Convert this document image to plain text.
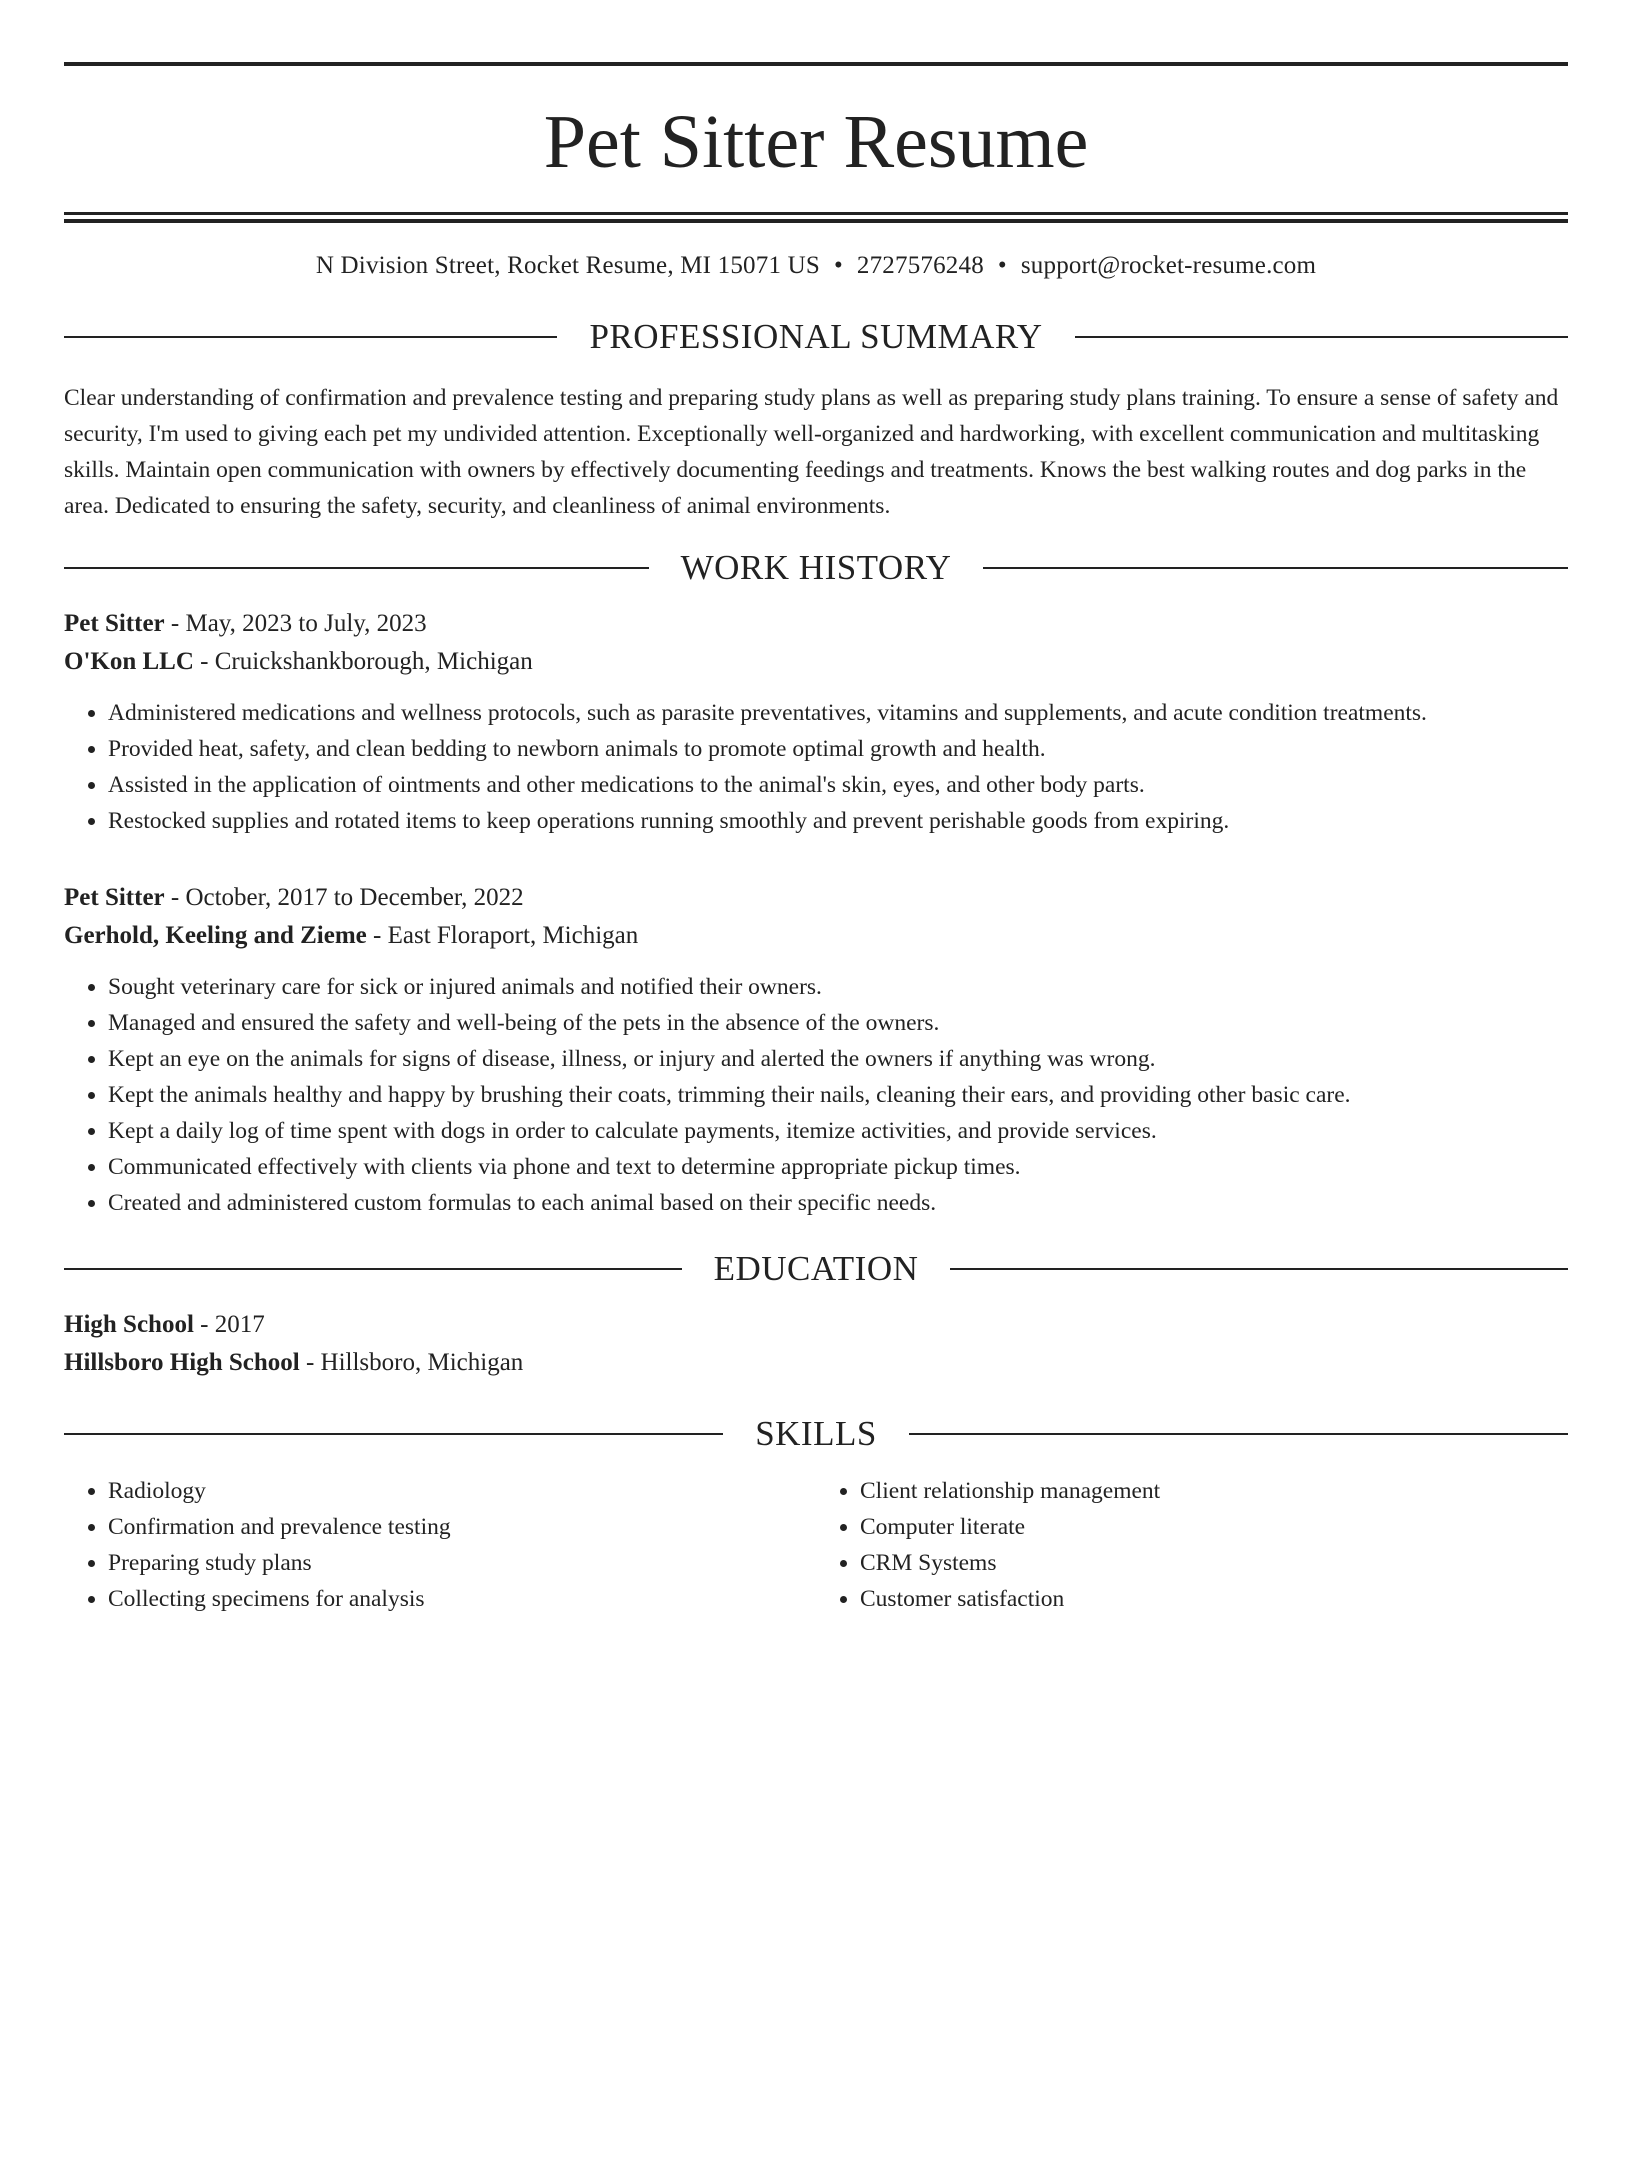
Pet Sitter Resume
N Division Street, Rocket Resume, MI 15071 US • 2727576248 • support@rocket-resume.com
PROFESSIONAL SUMMARY

Clear understanding of confirmation and prevalence testing and preparing study plans as well as preparing study plans training. To ensure a sense of safety and security, I'm used to giving each pet my undivided attention. Exceptionally well-organized and hardworking, with excellent communication and multitasking skills. Maintain open communication with owners by effectively documenting feedings and treatments. Knows the best walking routes and dog parks in the area. Dedicated to ensuring the safety, security, and cleanliness of animal environments.

WORK HISTORY
Pet Sitter - May, 2023 to July, 2023
O'Kon LLC - Cruickshankborough, Michigan
• Administered medications and wellness protocols, such as parasite preventatives, vitamins and supplements, and acute condition treatments.
• Provided heat, safety, and clean bedding to newborn animals to promote optimal growth and health.
• Assisted in the application of ointments and other medications to the animal's skin, eyes, and other body parts.
• Restocked supplies and rotated items to keep operations running smoothly and prevent perishable goods from expiring.
Pet Sitter - October, 2017 to December, 2022
Gerhold, Keeling and Zieme - East Floraport, Michigan
• Sought veterinary care for sick or injured animals and notified their owners.
• Managed and ensured the safety and well-being of the pets in the absence of the owners.
• Kept an eye on the animals for signs of disease, illness, or injury and alerted the owners if anything was wrong.
• Kept the animals healthy and happy by brushing their coats, trimming their nails, cleaning their ears, and providing other basic care.
• Kept a daily log of time spent with dogs in order to calculate payments, itemize activities, and provide services.
• Communicated effectively with clients via phone and text to determine appropriate pickup times.
• Created and administered custom formulas to each animal based on their specific needs.
EDUCATION
High School - 2017
Hillsboro High School - Hillsboro, Michigan
SKILLS
• Radiology
• Confirmation and prevalence testing
• Preparing study plans
• Collecting specimens for analysis
• Client relationship management
• Computer literate
• CRM Systems
• Customer satisfaction
